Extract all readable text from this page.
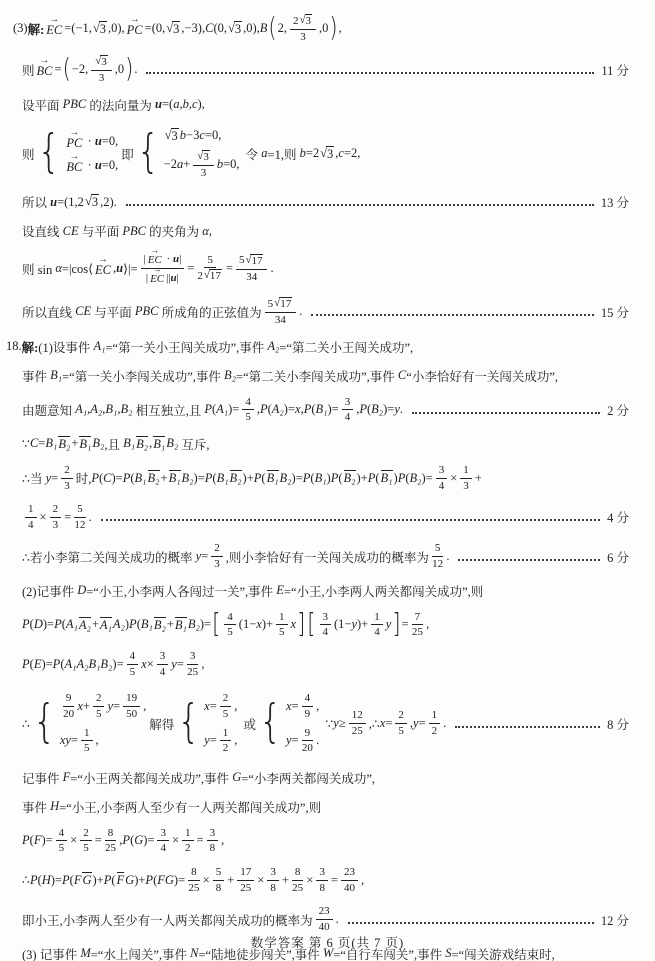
(3) 解: EC → =(−1, √ 3 ,0), PC → =(0, √ 3 ,−3), C (0, √ 3 ,0), B ( 2, $\frac{2 √ 3}{3} ,0$ ) ,
则 BC → = ( −2, $\frac{√ 3}{3} ,0$ ) .	11 分
设平面 PBC 的法向量为 u =( a , b , c ),
则 { PC → · u =0,
BC → · u =0,
即 { √ 3 b −3 c =0,
−2 $a + \frac{√ 3}{3}$ b =0,
令 a =1,则 b =2 √ 3 , c =2,
所以 u =(1,2 √ 3 ,2).	13 分
设直线 CE 与平面 PBC 的夹角为 α ,
则 sin α =|cos⟨ EC → , u ⟩|= $\frac{| EC \to \cdot u |}{| EC \to || u |} = \frac{5}{2 √ 17} = \frac{5 √ 17}{34}$ .
所以直线 CE 与平面 PBC 所成角的正弦值为 $\frac{5 √ 17}{34}$ .	15 分
18. 解: (1)设事件 A₁ =“第一关小王闯关成功”,事件 A₂ =“第二关小王闯关成功”,
事件 B₁ =“第一关小李闯关成功”,事件 B₂ =“第二关小李闯关成功”,事件 C “小李恰好有一关闯关成功”,
由题意知 A₁ , A₂ , B₁ , B₂ 相互独立,且 P ( A₁ )= $\frac{4}{5}$ , P ( A₂ )= x , P ( B₁ )= $\frac{3}{4}$ , P ( B₂ )= y .	2 分
∵ C = B₁ B₂ + B₁ B₂ ,且 B₁ B₂ , B₁ B₂ 互斥,
∴当 $y = \frac{2}{3}$ 时, P ( C )= P ( B₁ B₂ + B₁ B₂ )= P ( B₁ B₂ )+ P ( B₁ B₂ )= P ( B₁ ) P ( B₂ )+ P ( B₁ ) P ( B₂ )= $\frac{3}{4} \times \frac{1}{3}$ +
$\frac{1}{4} \times \frac{2}{3} = \frac{5}{12}$ .	4 分
∴若小李第二关闯关成功的概率 $y = \frac{2}{3}$ ,则小李恰好有一关闯关成功的概率为 $\frac{5}{12}$ .	6 分
(2)记事件 D =“小王,小李两人各闯过一关”,事件 E =“小王,小李两人两关都闯关成功”,则
P ( D )= P ( A₁ A₂ + A₁ A₂ ) P ( B₁ B₂ + B₁ B₂ )= [ $\frac{4}{5} (1- x$ )+ $\frac{1}{5}$ x ] [ $\frac{3}{4} (1- y$ )+ $\frac{1}{4}$ y ] = $\frac{7}{25}$ ,
P ( E )= P ( A₁A₂B₁B₂ )= $\frac{4}{5}$ $x \times \frac{3}{4}$ $y = \frac{3}{25}$ ,
∴ { $\frac{9}{20}$ $x + \frac{2}{5}$ $y = \frac{19}{50}$ ,
xy = $\frac{1}{5}$ ,
解得 { $x = \frac{2}{5}$ ,
$y = \frac{1}{2}$ ,
或 { $x = \frac{4}{9}$ ,
$y = \frac{9}{20}$ .
∵ $y \ge \frac{12}{25}$ ,∴ $x = \frac{2}{5}$ , $y = \frac{1}{2}$ .	8 分
记事件 F =“小王两关都闯关成功”,事件 G =“小李两关都闯关成功”,
事件 H =“小王,小李两人至少有一人两关都闯关成功”,则
P ( F )= $\frac{4}{5} \times \frac{2}{5} = \frac{8}{25}$ , P ( G )= $\frac{3}{4} \times \frac{1}{2} = \frac{3}{8}$ ,
∴ P ( H )= P ( F G )+ P ( F G )+ P ( FG )= $\frac{8}{25} \times \frac{5}{8} + \frac{17}{25} \times \frac{3}{8} + \frac{8}{25} \times \frac{3}{8} = \frac{23}{40}$ ,
即小王,小李两人至少有一人两关都闯关成功的概率为 $\frac{23}{40}$ .	12 分
(3) 记事件 M =“水上闯关”,事件 N =“陆地徒步闯关”,事件 W =“自行车闯关”,事件 S =“闯关游戏结束时,
数学答案 第 6 页(共 7 页)
